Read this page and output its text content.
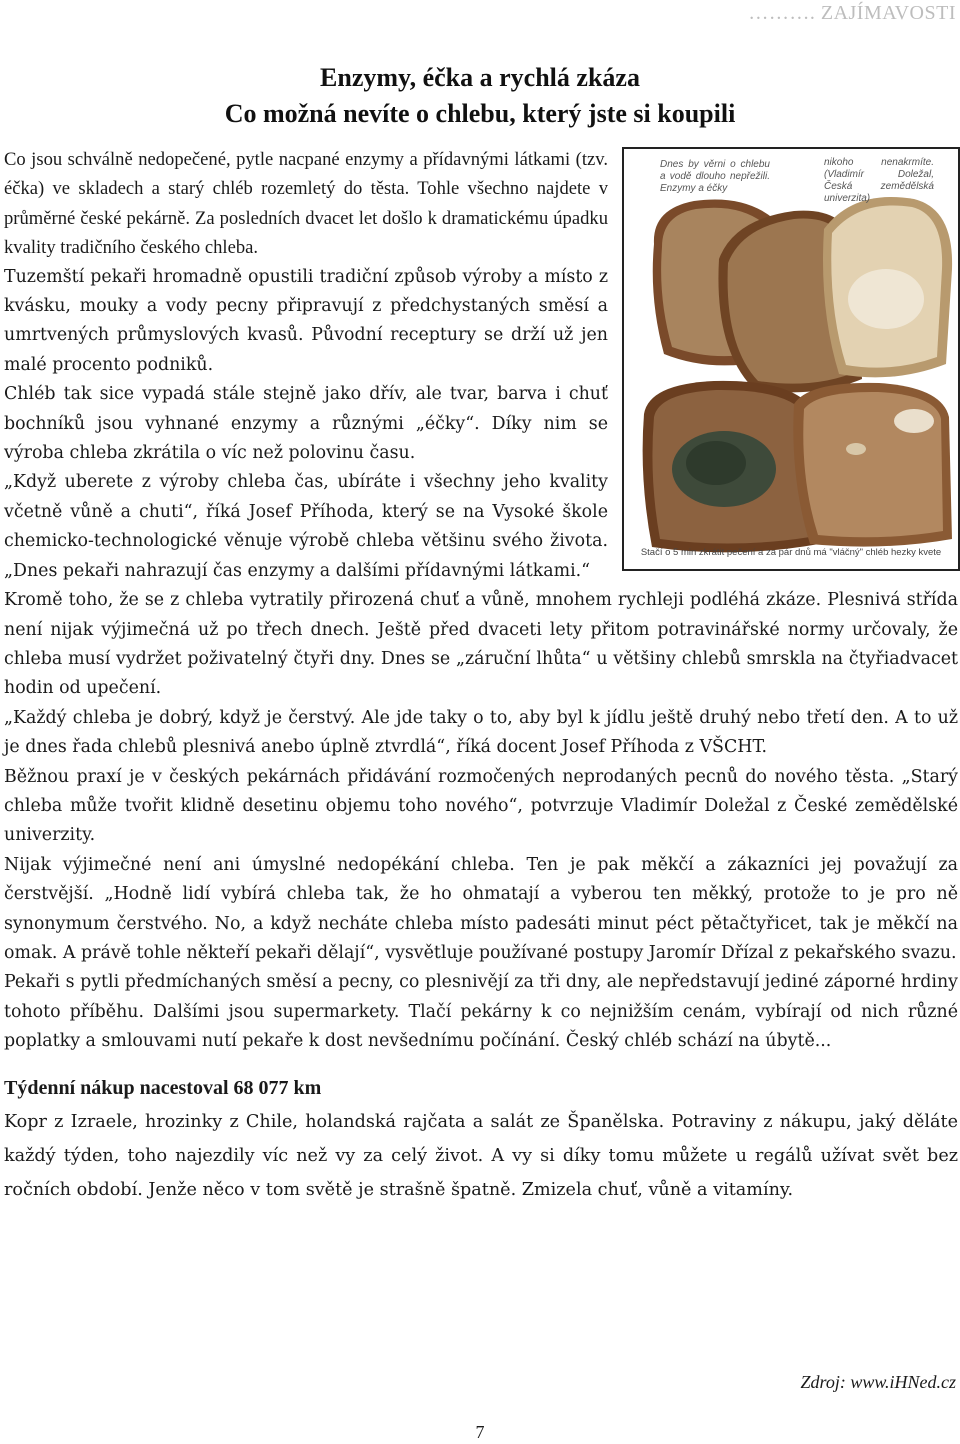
………. ZAJÍMAVOSTI
Enzymy, éčka a rychlá zkáza
Co možná nevíte o chlebu, který jste si koupili
Dnes by věrni o chlebu a vodě dlouho nepřežili. Enzymy a éčky
nikoho nenakrmíte. (Vladimír Doležal, Česká zemědělská univerzita)
Stačí o 5 min zkrátit pečení a za pár dnů má "vláčný" chléb hezky kvete

Co jsou schválně nedopečené, pytle nacpané enzymy a přídavnými látkami (tzv. éčka) ve skladech a starý chléb rozemletý do těsta. Tohle všechno najdete v průměrné české pekárně. Za posledních dvacet let došlo k dramatickému úpadku kvality tradičního českého chleba.

Tuzemští pekaři hromadně opustili tradiční způsob výroby a místo z kvásku, mouky a vody pecny připravují z předchystaných směsí a umrtvených průmyslových kvasů. Původní receptury se drží už jen malé procento podniků.

Chléb tak sice vypadá stále stejně jako dřív, ale tvar, barva i chuť bochníků jsou vyhnané enzymy a různými „éčky“. Díky nim se výroba chleba zkrátila o víc než polovinu času.

„Když uberete z výroby chleba čas, ubíráte i všechny jeho kvality včetně vůně a chuti“, říká Josef Příhoda, který se na Vysoké škole chemicko-technologické věnuje výrobě chleba většinu svého života. „Dnes pekaři nahrazují čas enzymy a dalšími přídavnými látkami.“

Kromě toho, že se z chleba vytratily přirozená chuť a vůně, mnohem rychleji podléhá zkáze. Plesnivá střída není nijak výjimečná už po třech dnech. Ještě před dvaceti lety přitom potravinářské normy určovaly, že chleba musí vydržet poživatelný čtyři dny. Dnes se „záruční lhůta“ u většiny chlebů smrskla na čtyřiadvacet hodin od upečení.

„Každý chleba je dobrý, když je čerstvý. Ale jde taky o to, aby byl k jídlu ještě druhý nebo třetí den. A to už je dnes řada chlebů plesnivá anebo úplně ztvrdlá“, říká docent Josef Příhoda z VŠCHT.

Běžnou praxí je v českých pekárnách přidávání rozmočených neprodaných pecnů do nového těsta. „Starý chleba může tvořit klidně desetinu objemu toho nového“, potvrzuje Vladimír Doležal z České zemědělské univerzity.

Nijak výjimečné není ani úmyslné nedopékání chleba. Ten je pak měkčí a zákazníci jej považují za čerstvější. „Hodně lidí vybírá chleba tak, že ho ohmatají a vyberou ten měkký, protože to je pro ně synonymum čerstvého. No, a když necháte chleba místo padesáti minut péct pětačtyřicet, tak je měkčí na omak. A právě tohle někteří pekaři dělají“, vysvětluje používané postupy Jaromír Dřízal z pekařského svazu.

Pekaři s pytli předmíchaných směsí a pecny, co plesnivějí za tři dny, ale nepředstavují jediné záporné hrdiny tohoto příběhu. Dalšími jsou supermarkety. Tlačí pekárny k co nejnižším cenám, vybírají od nich různé poplatky a smlouvami nutí pekaře k dost nevšednímu počínání. Český chléb schází na úbytě...

Týdenní nákup nacestoval 68 077 km

Kopr z Izraele, hrozinky z Chile, holandská rajčata a salát ze Španělska. Potraviny z nákupu, jaký děláte každý týden, toho najezdily víc než vy za celý život. A vy si díky tomu můžete u regálů užívat svět bez ročních období. Jenže něco v tom světě je strašně špatně. Zmizela chuť, vůně a vitamíny.

Zdroj: www.iHNed.cz
7
